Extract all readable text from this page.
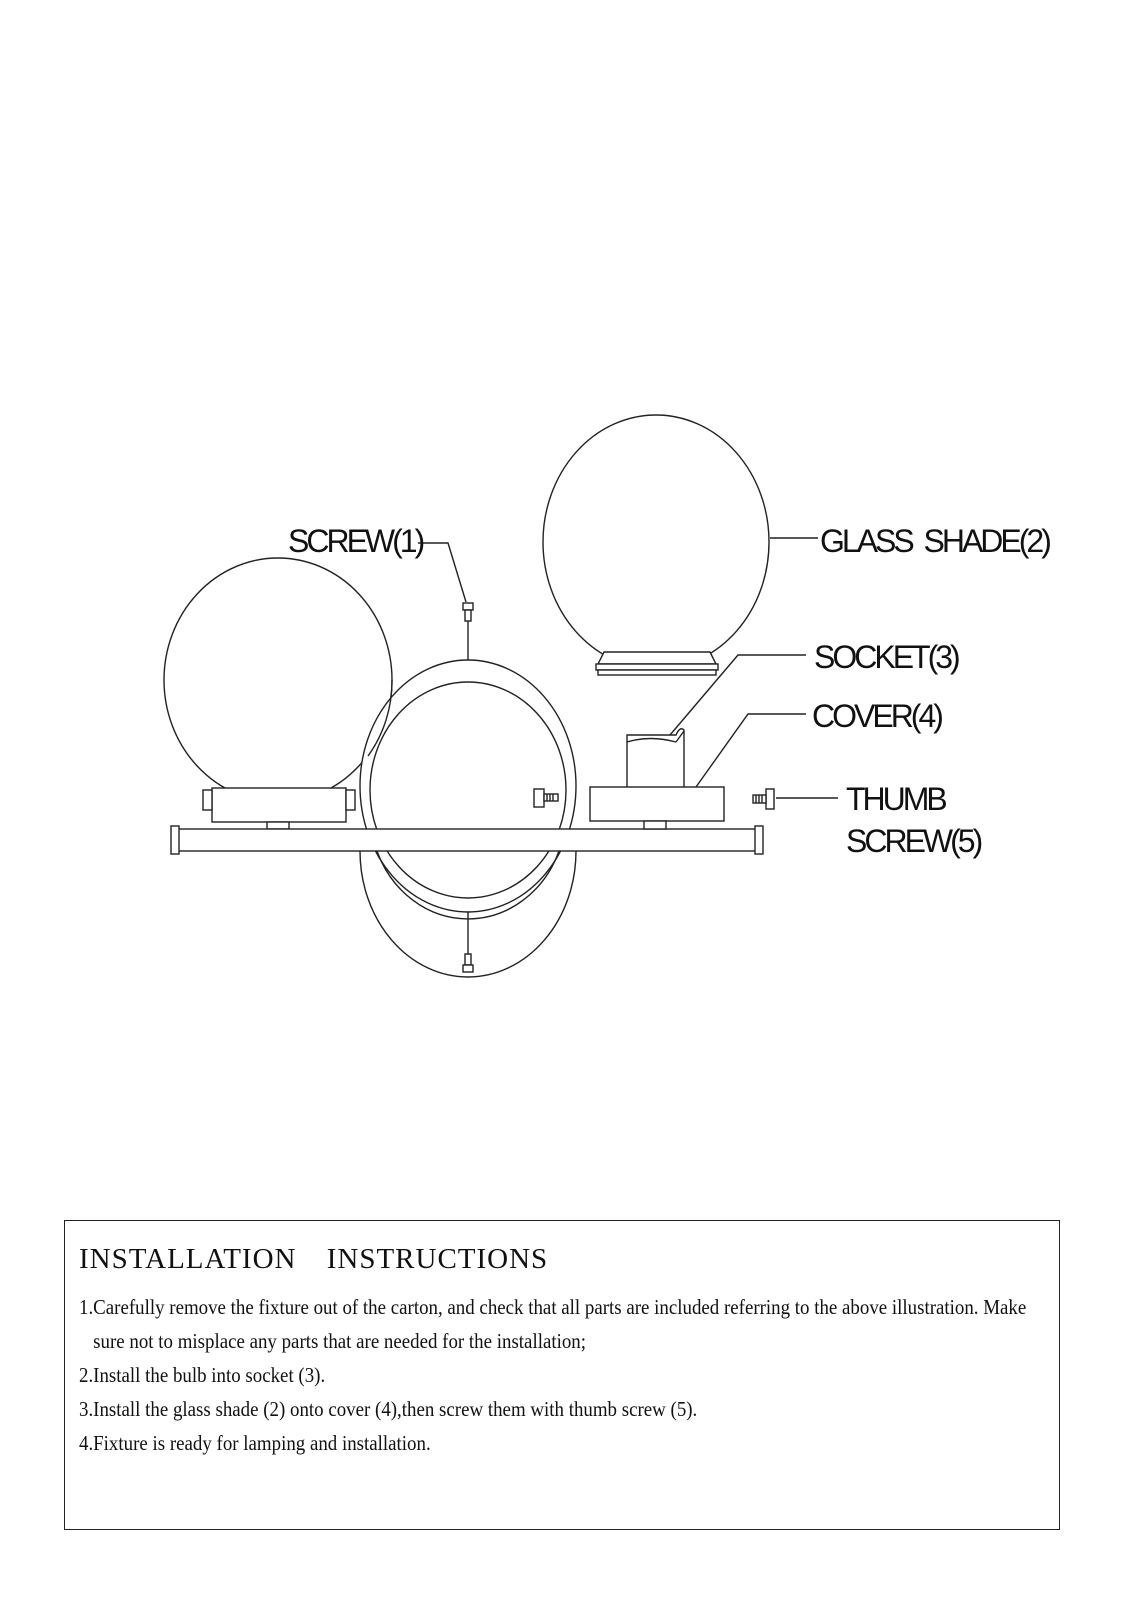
SCREW(1)	GLASS  SHADE(2)
SOCKET(3)
COVER(4)
THUMB
SCREW(5)
INSTALLATION INSTRUCTIONS
1. Carefully remove the fixture out of the carton, and check that all parts are included referring to the above illustration. Make sure not to misplace any parts that are needed for the installation;
2. Install the bulb into socket (3).
3. Install the glass shade (2) onto cover (4),then screw them with thumb screw (5).
4. Fixture is ready for lamping and installation.
